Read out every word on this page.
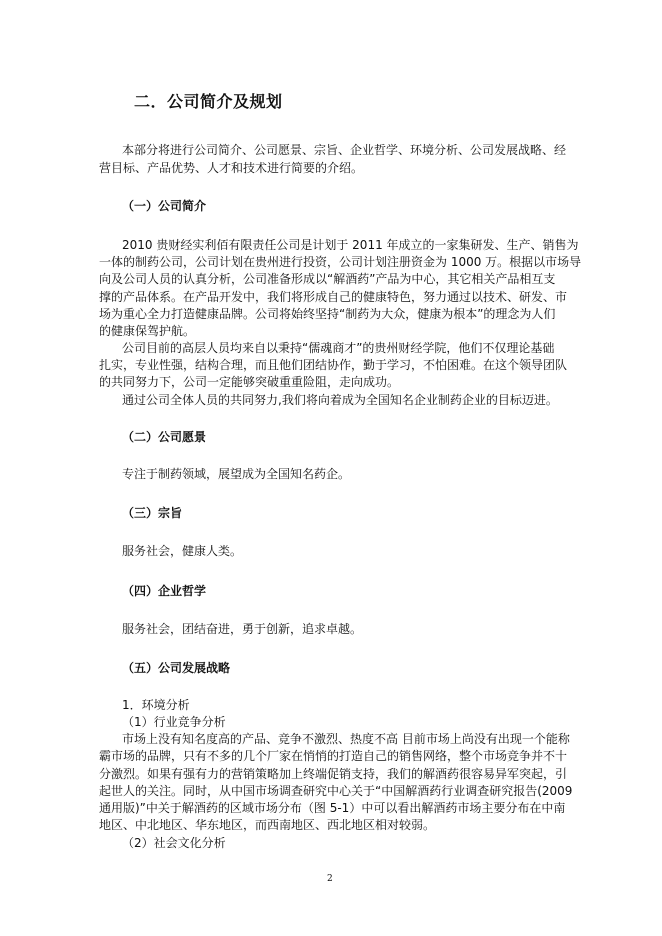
二．公司简介及规划
本部分将进行公司简介、公司愿景、宗旨、企业哲学、环境分析、公司发展战略、经
营目标、产品优势、人才和技术进行简要的介绍。
（一）公司简介
2010 贵财经实利佰有限责任公司是计划于 2011 年成立的一家集研发、生产、销售为
一体的制药公司，公司计划在贵州进行投资，公司计划注册资金为 1000 万。根据以市场导
向及公司人员的认真分析，公司准备形成以“解酒药”产品为中心，其它相关产品相互支
撑的产品体系。在产品开发中，我们将形成自己的健康特色，努力通过以技术、研发、市
场为重心全力打造健康品牌。公司将始终坚持“制药为大众，健康为根本”的理念为人们
的健康保驾护航。
公司目前的高层人员均来自以秉持“儒魂商才”的贵州财经学院，他们不仅理论基础
扎实，专业性强，结构合理，而且他们团结协作，勤于学习，不怕困难。在这个领导团队
的共同努力下，公司一定能够突破重重险阻，走向成功。
通过公司全体人员的共同努力,我们将向着成为全国知名企业制药企业的目标迈进。
（二）公司愿景
专注于制药领域，展望成为全国知名药企。
（三）宗旨
服务社会，健康人类。
（四）企业哲学
服务社会，团结奋进，勇于创新，追求卓越。
（五）公司发展战略
1．环境分析
（1）行业竞争分析
市场上没有知名度高的产品、竞争不激烈、热度不高 目前市场上尚没有出现一个能称
霸市场的品牌，只有不多的几个厂家在悄悄的打造自己的销售网络，整个市场竞争并不十
分激烈。如果有强有力的营销策略加上终端促销支持，我们的解酒药很容易异军突起，引
起世人的关注。同时，从中国市场调查研究中心关于“中国解酒药行业调查研究报告(2009
通用版)”中关于解酒药的区域市场分布（图 5-1）中可以看出解酒药市场主要分布在中南
地区、中北地区、华东地区，而西南地区、西北地区相对较弱。
（2）社会文化分析
2
